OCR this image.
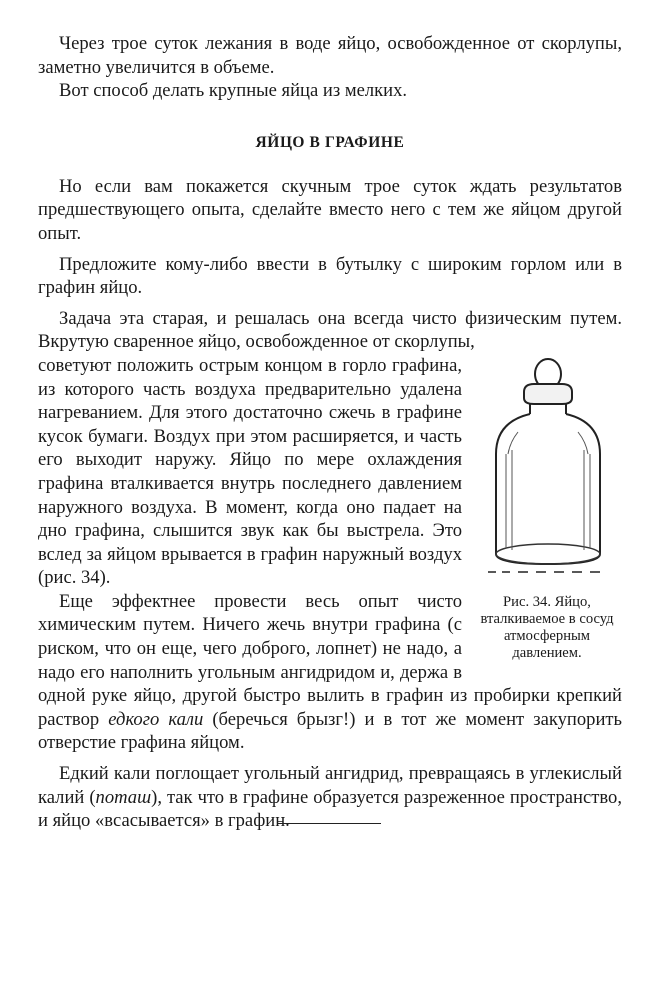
Через трое суток лежания в воде яйцо, освобожденное от скорлупы, заметно увеличится в объеме.

Вот способ делать крупные яйца из мелких.

ЯЙЦО В ГРАФИНЕ

Но если вам покажется скучным трое суток ждать результатов предшествующего опыта, сделайте вместо него с тем же яйцом другой опыт.

Предложите кому-либо ввести в бутылку с широким горлом или в графин яйцо.

Задача эта старая, и решалась она всегда чисто физическим путем. Вкрутую сваренное яйцо, освобожденное от скорлупы,

Рис. 34. Яйцо, вталкиваемое в сосуд атмосферным давлением.

советуют положить острым концом в горло графина, из которого часть воздуха предварительно удалена нагреванием. Для этого достаточно сжечь в графине кусок бумаги. Воздух при этом расширяется, и часть его выходит наружу. Яйцо по мере охлаждения графина вталкивается внутрь последнего давлением наружного воздуха. В момент, когда оно падает на дно графина, слышится звук как бы выстрела. Это вслед за яйцом врывается в графин наружный воздух (рис. 34).

Еще эффектнее провести весь опыт чисто химическим путем. Ничего жечь внутри графина (с риском, что он еще, чего доброго, лопнет) не надо, а надо его наполнить угольным ангидридом и, держа в одной руке яйцо, другой быстро вылить в графин из пробирки крепкий раствор едкого кали (беречься брызг!) и в тот же момент закупорить отверстие графина яйцом.

Едкий кали поглощает угольный ангидрид, превращаясь в углекислый калий (поташ), так что в графине образуется разреженное пространство, и яйцо «всасывается» в графин.
